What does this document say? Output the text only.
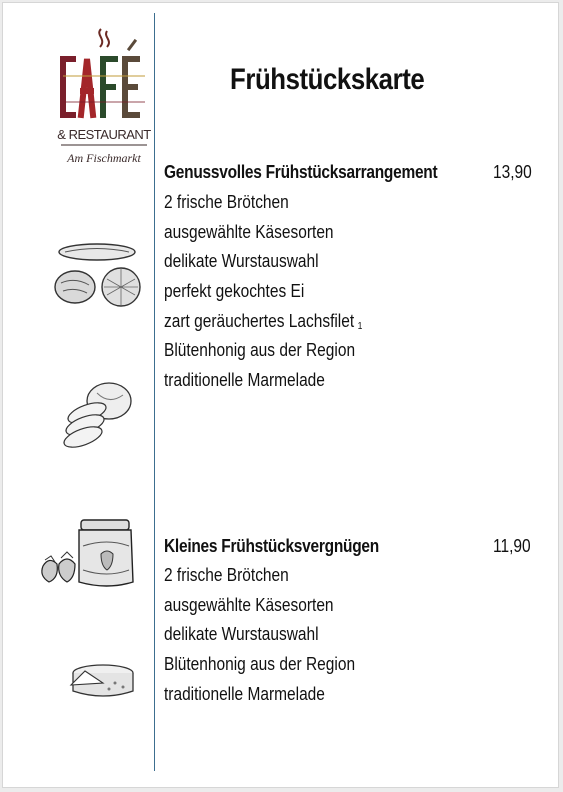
& RESTAURANT
Am Fischmarkt
Frühstückskarte
Genussvolles Frühstücksarrangement	13,90
2 frische Brötchen
ausgewählte Käsesorten
delikate Wurstauswahl
perfekt gekochtes Ei
zart geräuchertes Lachsfilet $_1$
Blütenhonig aus der Region
traditionelle Marmelade
Kleines Frühstücksvergnügen	11,90
2 frische Brötchen
ausgewählte Käsesorten
delikate Wurstauswahl
Blütenhonig aus der Region
traditionelle Marmelade
